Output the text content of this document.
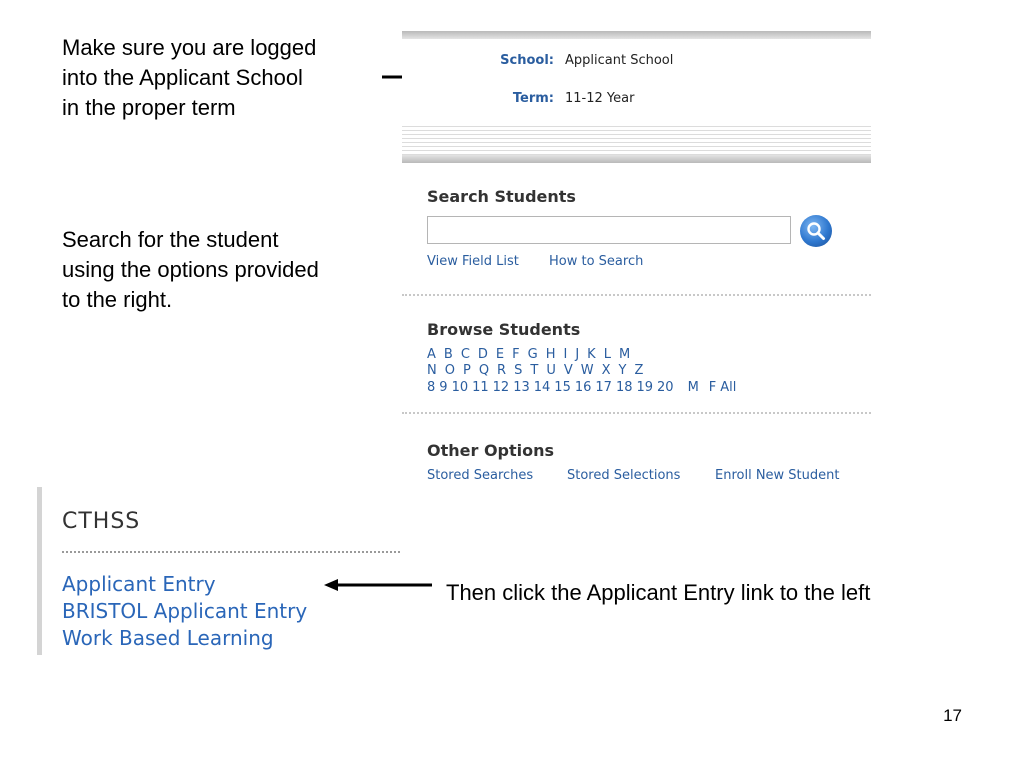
Make sure you are logged
into the Applicant School
in the proper term
Search for the student
using the options provided
to the right.
Then click the Applicant Entry link to the left
School: Applicant School
Term: 11-12 Year
Search Students
View Field List How to Search
Browse Students
A B C D E F G H I J K L M
N O P Q R S T U V W X Y Z
8 9 10 11 12 13 14 15 16 17 18 19 20 M F All
Other Options
Stored Searches	Stored Selections	Enroll New Student
CTHSS
Applicant Entry
BRISTOL Applicant Entry
Work Based Learning
17
